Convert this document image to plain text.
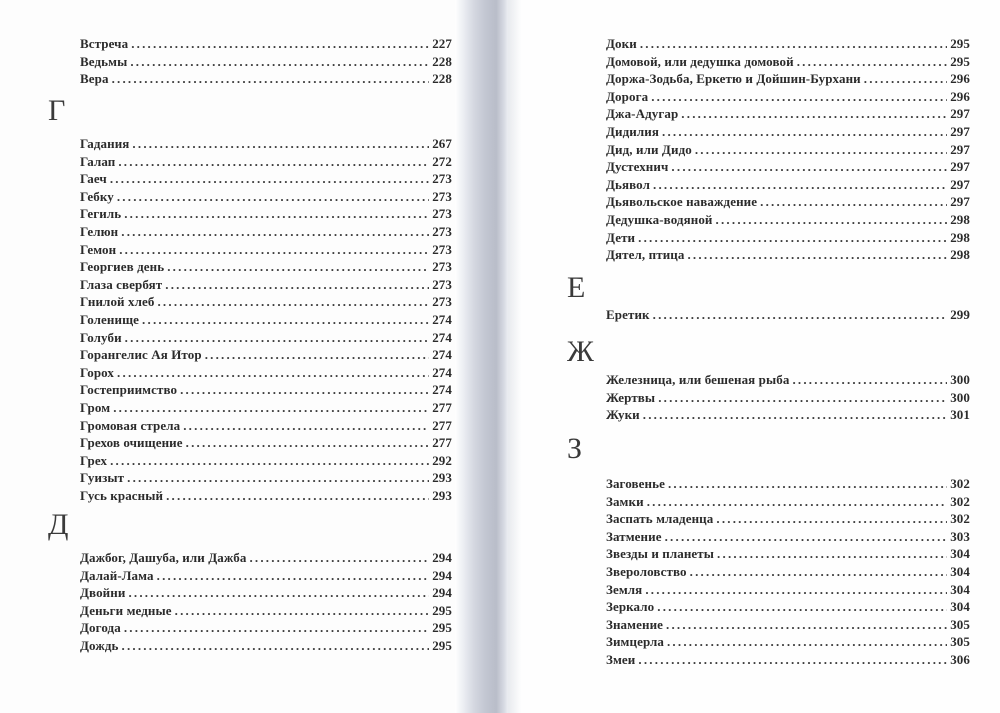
Встреча .....	227
Ведьмы .....	228
Вера .....	228
Г
Гадания .....	267
Галап .....	272
Гаеч .....	273
Гебку .....	273
Гегиль .....	273
Гелюн .....	273
Гемон .....	273
Георгиев день .....	273
Глаза свербят .....	273
Гнилой хлеб .....	273
Голенище .....	274
Голуби .....	274
Горангелис Ая Итор .....	274
Горох .....	274
Гостеприимство .....	274
Гром .....	277
Громовая стрела .....	277
Грехов очищение .....	277
Грех .....	292
Гуизыт .....	293
Гусь красный .....	293
Д
Дажбог, Дашуба, или Дажба .....	294
Далай-Лама .....	294
Двойни .....	294
Деньги медные .....	295
Догода .....	295
Дождь .....	295
Доки .....	295
Домовой, или дедушка домовой .....	295
Доржа-Зодьба, Еркетю и Дойшин-Бурхани .....	296
Дорога .....	296
Джа-Адугар .....	297
Дидилия .....	297
Дид, или Дидо .....	297
Дустехнич .....	297
Дьявол .....	297
Дьявольское наваждение .....	297
Дедушка-водяной .....	298
Дети .....	298
Дятел, птица .....	298
Е
Еретик .....	299
Ж
Железница, или бешеная рыба .....	300
Жертвы .....	300
Жуки .....	301
З
Заговенье .....	302
Замки .....	302
Заспать младенца .....	302
Затмение .....	303
Звезды и планеты .....	304
Звероловство .....	304
Земля .....	304
Зеркало .....	304
Знамение .....	305
Зимцерла .....	305
Змеи .....	306
